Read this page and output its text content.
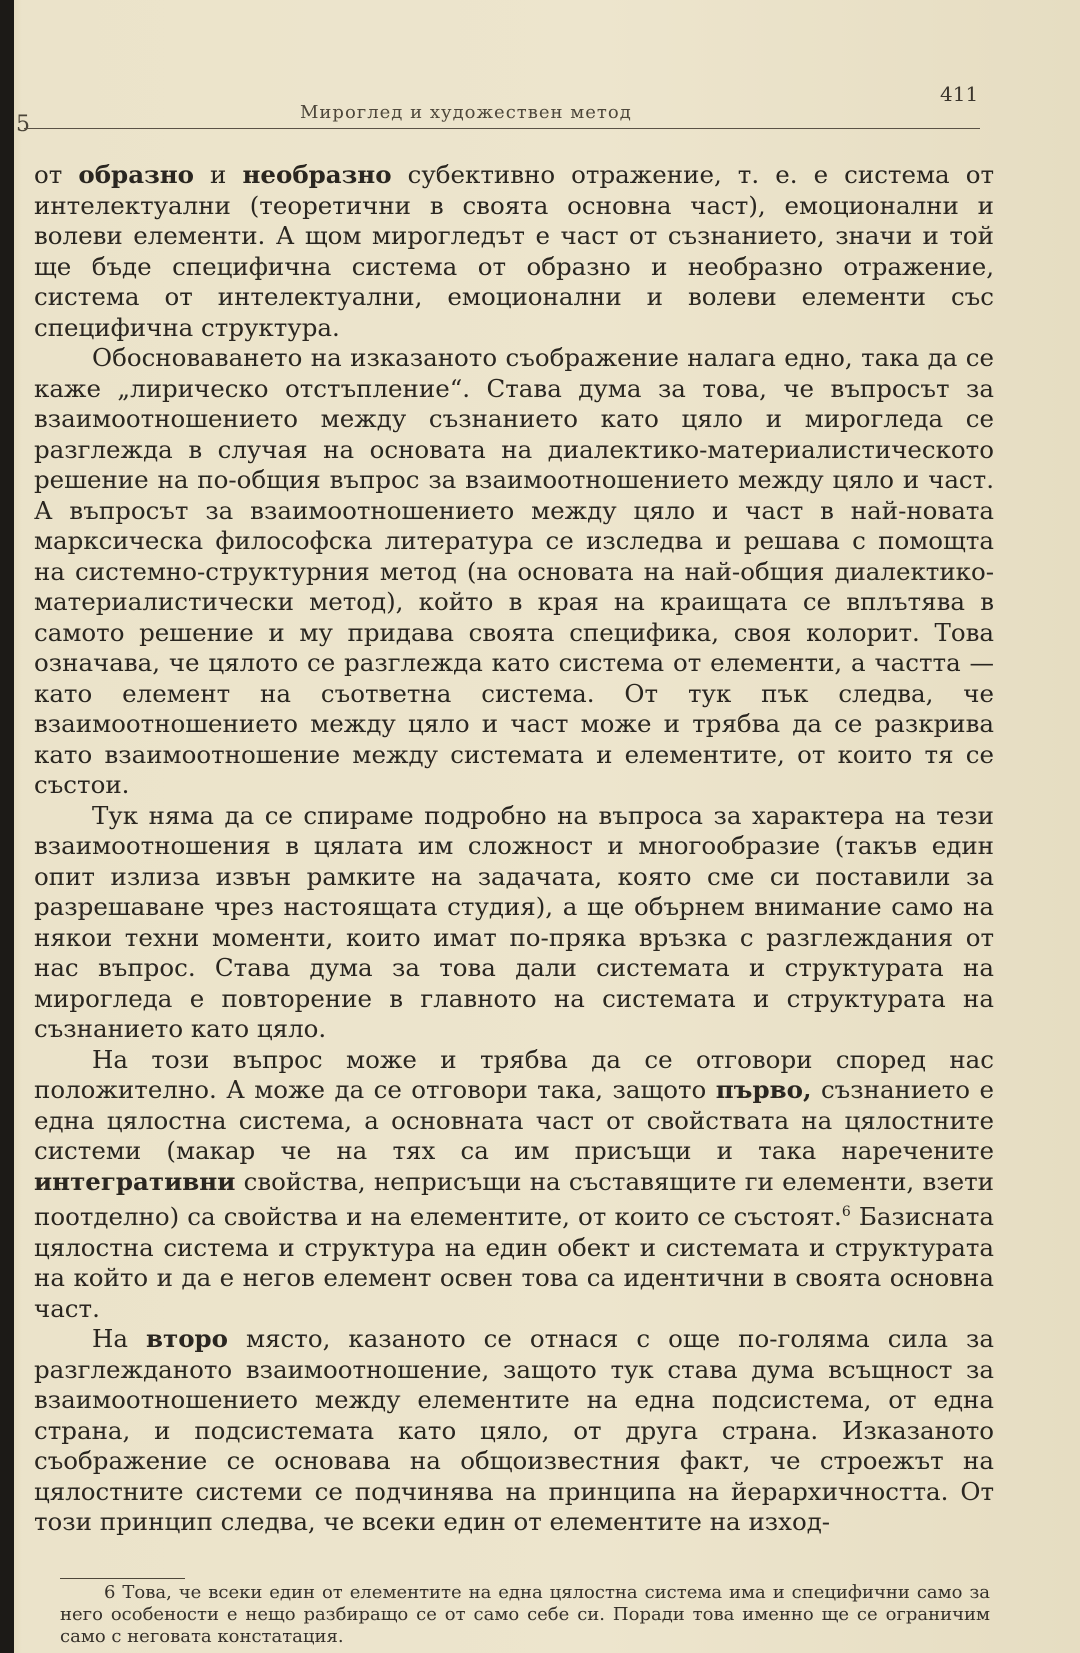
5	Мироглед и художествен метод
411

от образно и необразно субективно отражение, т. е. е система от интелектуални (теоретични в своята основна част), емоционални и волеви елементи. А щом мирогледът е част от съзнанието, значи и той ще бъде специфична система от образно и необразно отражение, система от интелектуални, емоционални и волеви елементи със специфична структура.

Обосноваването на изказаното съображение налага едно, така да се каже „лирическо отстъпление“. Става дума за това, че въпросът за взаимоотношението между съзнанието като цяло и мирогледа се разглежда в случая на основата на диалектико-материалистическото решение на по-общия въпрос за взаимоотношението между цяло и част. А въпросът за взаимоотношението между цяло и част в най-новата марксическа философска литература се изследва и решава с помощта на системно-структурния метод (на основата на най-общия диалектико-материалистически метод), който в края на краищата се вплътява в самото решение и му придава своята специфика, своя колорит. Това означава, че цялото се разглежда като система от елементи, а частта — като елемент на съответна система. От тук пък следва, че взаимоотношението между цяло и част може и трябва да се разкрива като взаимоотношение между системата и елементите, от които тя се състои.

Тук няма да се спираме подробно на въпроса за характера на тези взаимоотношения в цялата им сложност и многообразие (такъв един опит излиза извън рамките на задачата, която сме си поставили за разрешаване чрез настоящата студия), а ще обърнем внимание само на някои техни моменти, които имат по-пряка връзка с разглеждания от нас въпрос. Става дума за това дали системата и структурата на мирогледа е повторение в главното на системата и структурата на съзнанието като цяло.

На този въпрос може и трябва да се отговори според нас положително. А може да се отговори така, защото първо, съзнанието е една цялостна система, а основната част от свойствата на цялостните системи (макар че на тях са им присъщи и така наречените интегративни свойства, неприсъщи на съставящите ги елементи, взети поотделно) са свойства и на елементите, от които се състоят.$^6$ Базисната цялостна система и структура на един обект и системата и структурата на който и да е негов елемент освен това са идентични в своята основна част.

На второ място, казаното се отнася с още по-голяма сила за разглежданото взаимоотношение, защото тук става дума всъщност за взаимоотношението между елементите на една подсистема, от една страна, и подсистемата като цяло, от друга страна. Изказаното съображение се основава на общоизвестния факт, че строежът на цялостните системи се подчинява на принципа на йерархичността. От този принцип следва, че всеки един от елементите на изход-

6 Това, че всеки един от елементите на една цялостна система има и специфични само за него особености е нещо разбиращо се от само себе си. Поради това именно ще се ограничим само с неговата констатация.
